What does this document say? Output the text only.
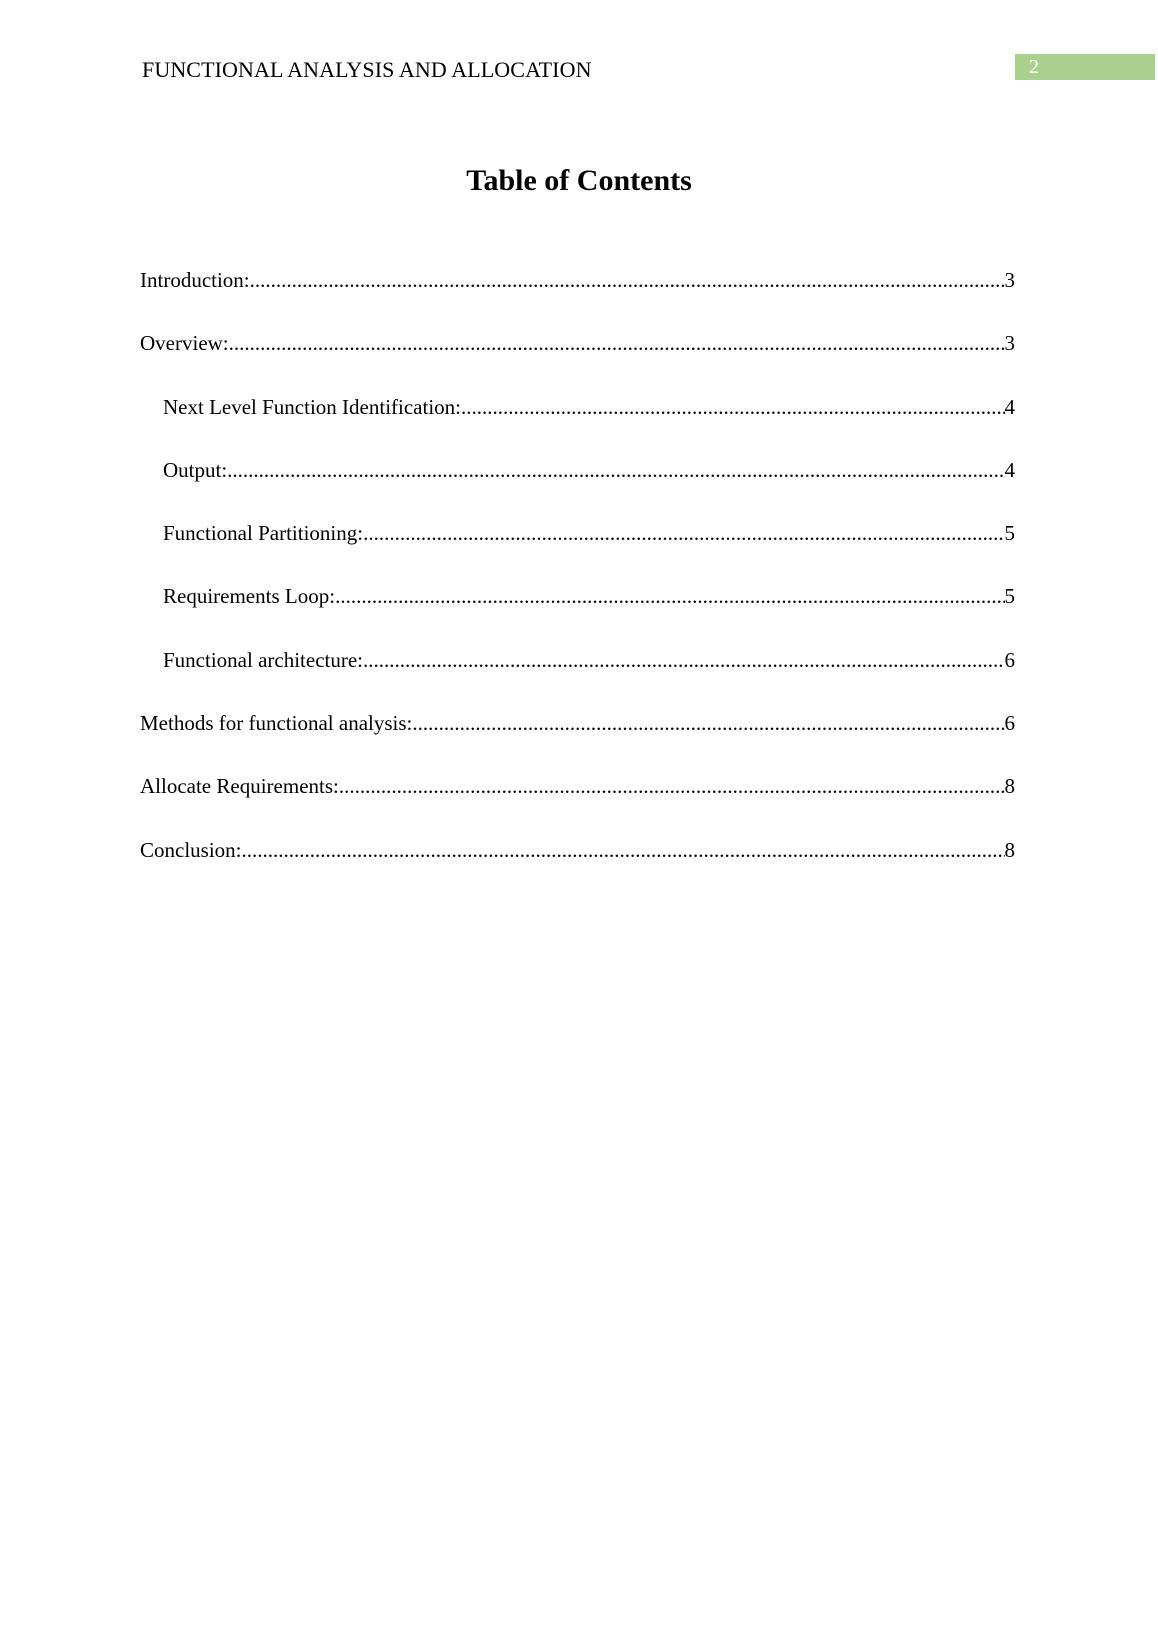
FUNCTIONAL ANALYSIS AND ALLOCATION	2
Table of Contents
Introduction: .....	3
Overview: .....	3
Next Level Function Identification: .....	4
Output: .....	4
Functional Partitioning: .....	5
Requirements Loop: .....	5
Functional architecture: .....	6
Methods for functional analysis: .....	6
Allocate Requirements: .....	8
Conclusion: .....	8
